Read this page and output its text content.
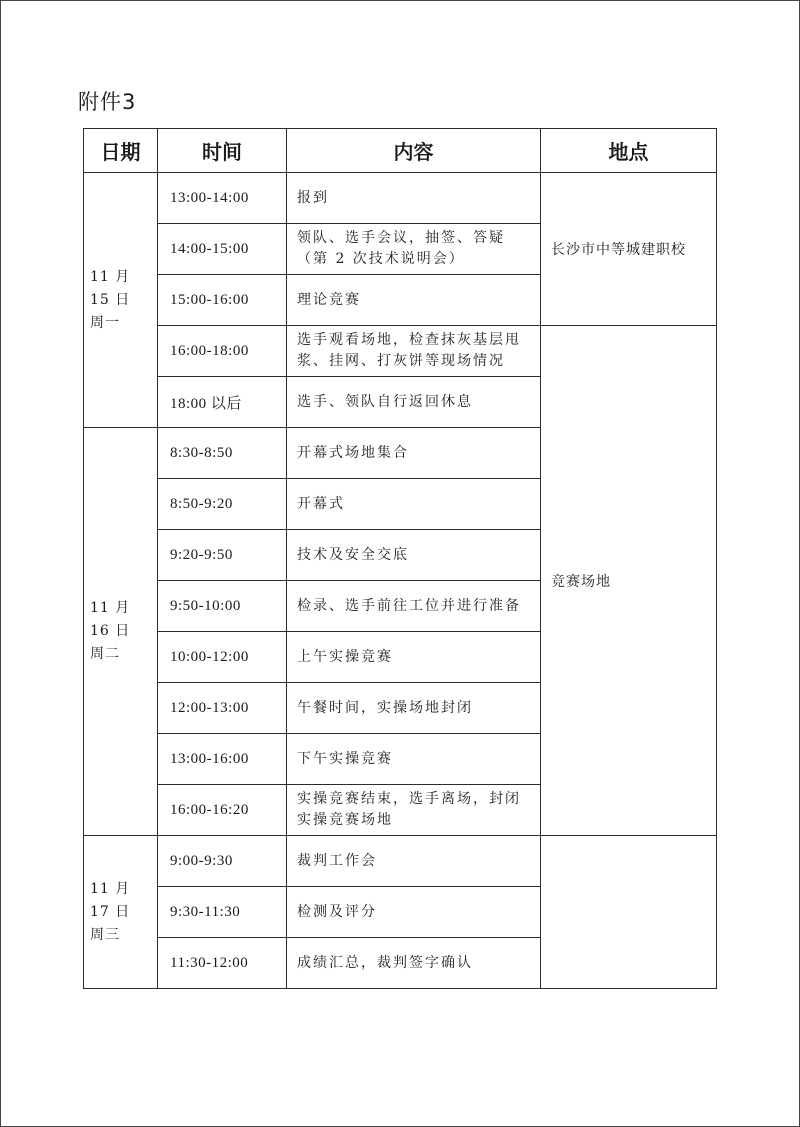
附件3
日期	时间	内容	地点

11 月
15 日
周一	13:00-14:00	报到	长沙市中等城建职校
	14:00-15:00	领队、选手会议，抽签、答疑（第 2 次技术说明会）	
	15:00-16:00	理论竞赛	
	16:00-18:00	选手观看场地，检查抹灰基层甩浆、挂网、打灰饼等现场情况	竞赛场地
	18:00 以后	选手、领队自行返回休息	

11 月
16 日
周二	8:30-8:50	开幕式场地集合	
	8:50-9:20	开幕式	
	9:20-9:50	技术及安全交底	
	9:50-10:00	检录、选手前往工位并进行准备	
	10:00-12:00	上午实操竞赛	
	12:00-13:00	午餐时间，实操场地封闭	
	13:00-16:00	下午实操竞赛	
	16:00-16:20	实操竞赛结束，选手离场，封闭实操竞赛场地	

11 月
17 日
周三	9:00-9:30	裁判工作会	
	9:30-11:30	检测及评分	
	11:30-12:00	成绩汇总，裁判签字确认	
